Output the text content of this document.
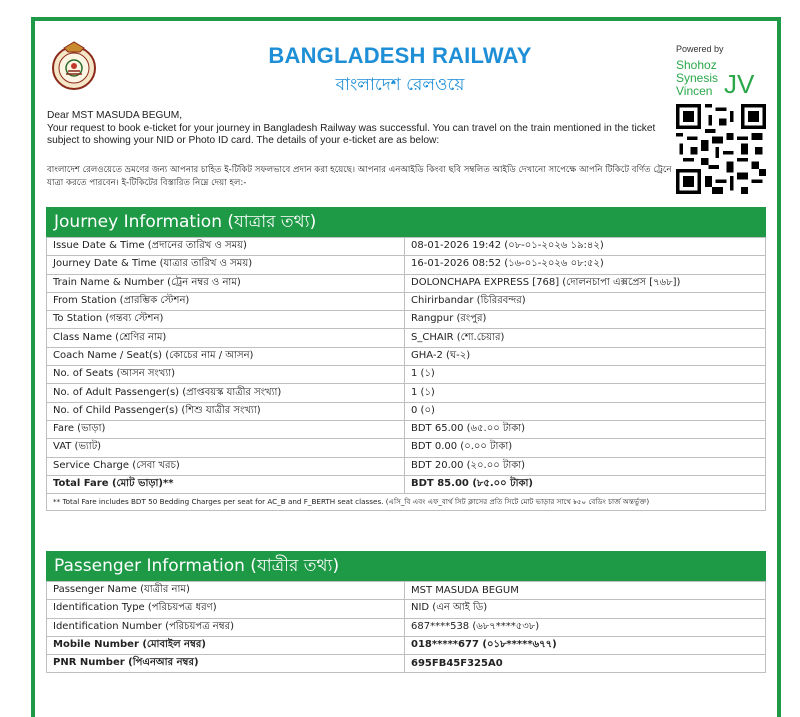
BANGLADESH RAILWAY
বাংলাদেশ রেলওয়ে
Powered by
Shohoz
Synesis
Vincen JV
Dear MST MASUDA BEGUM,
Your request to book e-ticket for your journey in Bangladesh Railway was successful. You can travel on the train mentioned in the ticket subject to showing your NID or Photo ID card. The details of your e-ticket are as below:
বাংলাদেশ রেলওয়েতে ভ্রমণের জন্য আপনার চাহিত ই-টিকিট সফলভাবে প্রদান করা হয়েছে। আপনার এনআইডি কিংবা ছবি সম্বলিত আইডি দেখানো সাপেক্ষে আপনি টিকিটে বর্ণিত ট্রেনে যাত্রা করতে পারবেন। ই-টিকিটের বিস্তারিত নিম্নে দেয়া হল:-
Journey Information (যাত্রার তথ্য)
Issue Date & Time (প্রদানের তারিখ ও সময়)	08-01-2026 19:42 (০৮-০১-২০২৬ ১৯:৪২)
Journey Date & Time (যাত্রার তারিখ ও সময়)	16-01-2026 08:52 (১৬-০১-২০২৬ ০৮:৫২)
Train Name & Number (ট্রেন নম্বর ও নাম)	DOLONCHAPA EXPRESS [768] (দোলনচাপা এক্সপ্রেস [৭৬৮])
From Station (প্রারম্ভিক স্টেশন)	Chirirbandar (চিরিরবন্দর)
To Station (গন্তব্য স্টেশন)	Rangpur (রংপুর)
Class Name (শ্রেণির নাম)	S_CHAIR (শো.চেয়ার)
Coach Name / Seat(s) (কোচের নাম / আসন)	GHA-2 (ঘ-২)
No. of Seats (আসন সংখ্যা)	1 (১)
No. of Adult Passenger(s) (প্রাপ্তবয়স্ক যাত্রীর সংখ্যা)	1 (১)
No. of Child Passenger(s) (শিশু যাত্রীর সংখ্যা)	0 (০)
Fare (ভাড়া)	BDT 65.00 (৬৫.০০ টাকা)
VAT (ভ্যাট)	BDT 0.00 (০.০০ টাকা)
Service Charge (সেবা খরচ)	BDT 20.00 (২০.০০ টাকা)
Total Fare (মোট ভাড়া)**	BDT 85.00 (৮৫.০০ টাকা)
** Total Fare includes BDT 50 Bedding Charges per seat for AC_B and F_BERTH seat classes. (এসি_বি এবং এফ_বার্থ সিট ক্লাসের প্রতি সিটে মোট ভাড়ার সাথে ৳৫০ বেডিং চার্জ অন্তর্ভুক্ত)
Passenger Information (যাত্রীর তথ্য)
Passenger Name (যাত্রীর নাম)	MST MASUDA BEGUM
Identification Type (পরিচয়পত্র ধরণ)	NID (এন আই ডি)
Identification Number (পরিচয়পত্র নম্বর)	687****538 (৬৮৭****৫৩৮)
Mobile Number (মোবাইল নম্বর)	018*****677 (০১৮*****৬৭৭)
PNR Number (পিএনআর নম্বর)	695FB45F325A0
